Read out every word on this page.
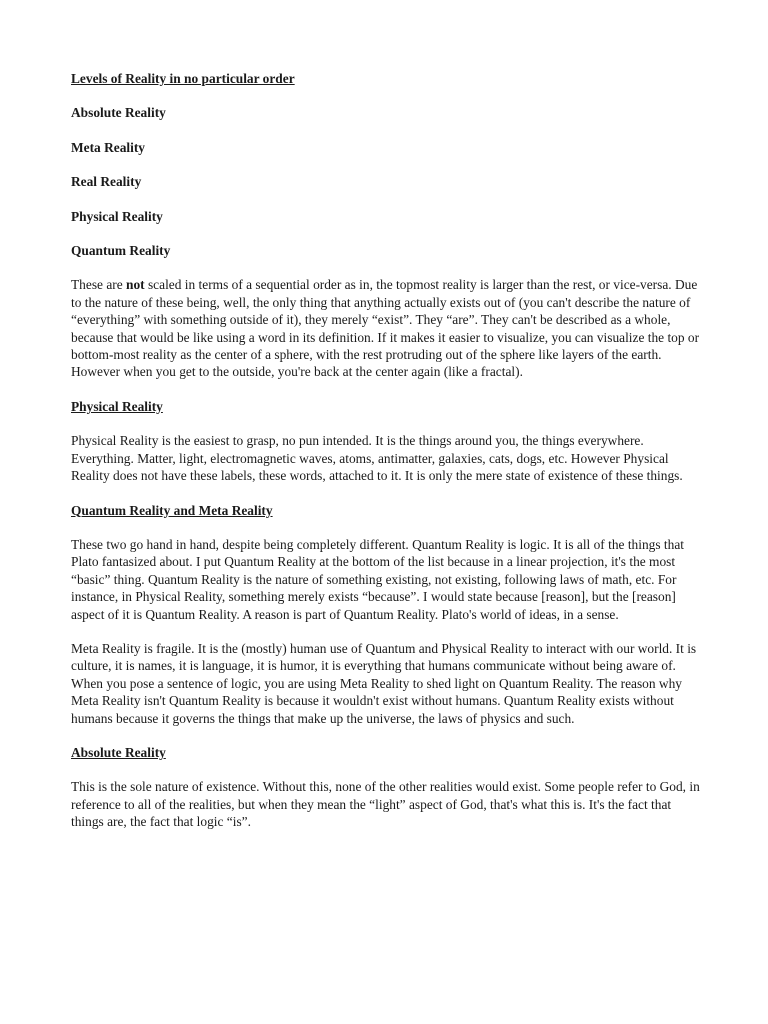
Levels of Reality in no particular order
Absolute Reality
Meta Reality
Real Reality
Physical Reality
Quantum Reality

These are not scaled in terms of a sequential order as in, the topmost reality is larger than the rest, or vice-versa. Due to the nature of these being, well, the only thing that anything actually exists out of (you can't describe the nature of “everything” with something outside of it), they merely “exist”. They “are”. They can't be described as a whole, because that would be like using a word in its definition. If it makes it easier to visualize, you can visualize the top or bottom-most reality as the center of a sphere, with the rest protruding out of the sphere like layers of the earth. However when you get to the outside, you're back at the center again (like a fractal).

Physical Reality

Physical Reality is the easiest to grasp, no pun intended. It is the things around you, the things everywhere. Everything. Matter, light, electromagnetic waves, atoms, antimatter, galaxies, cats, dogs, etc. However Physical Reality does not have these labels, these words, attached to it. It is only the mere state of existence of these things.

Quantum Reality and Meta Reality

These two go hand in hand, despite being completely different. Quantum Reality is logic. It is all of the things that Plato fantasized about. I put Quantum Reality at the bottom of the list because in a linear projection, it's the most “basic” thing. Quantum Reality is the nature of something existing, not existing, following laws of math, etc. For instance, in Physical Reality, something merely exists “because”. I would state because [reason], but the [reason] aspect of it is Quantum Reality. A reason is part of Quantum Reality. Plato's world of ideas, in a sense.

Meta Reality is fragile. It is the (mostly) human use of Quantum and Physical Reality to interact with our world. It is culture, it is names, it is language, it is humor, it is everything that humans communicate without being aware of. When you pose a sentence of logic, you are using Meta Reality to shed light on Quantum Reality. The reason why Meta Reality isn't Quantum Reality is because it wouldn't exist without humans. Quantum Reality exists without humans because it governs the things that make up the universe, the laws of physics and such.

Absolute Reality

This is the sole nature of existence. Without this, none of the other realities would exist. Some people refer to God, in reference to all of the realities, but when they mean the “light” aspect of God, that's what this is. It's the fact that things are, the fact that logic “is”.
